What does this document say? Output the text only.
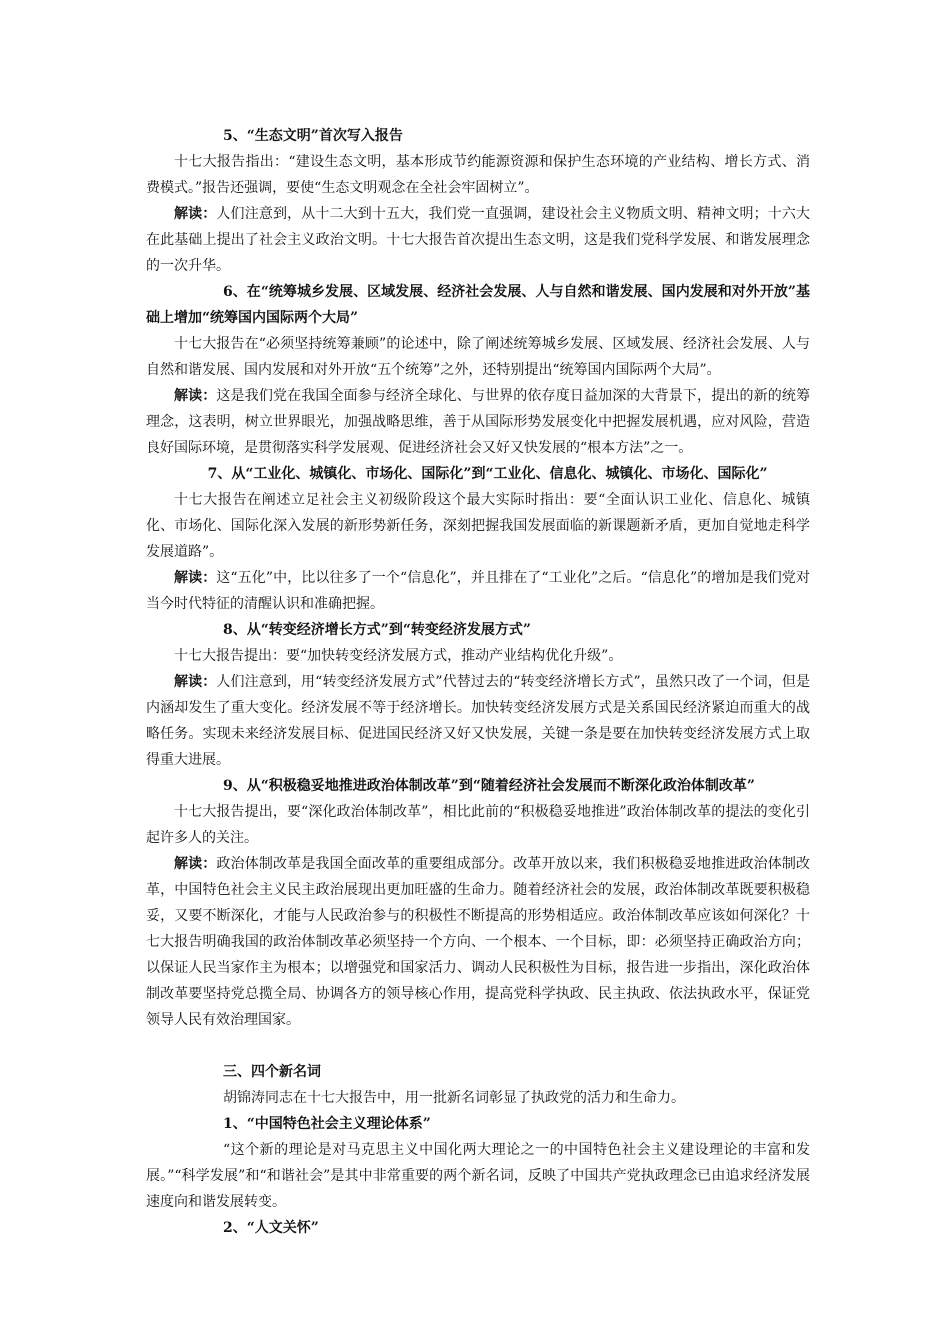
5、“生态文明”首次写入报告

十七大报告指出：“建设生态文明，基本形成节约能源资源和保护生态环境的产业结构、增长方式、消费模式。”报告还强调，要使“生态文明观念在全社会牢固树立”。

解读：人们注意到，从十二大到十五大，我们党一直强调，建设社会主义物质文明、精神文明；十六大在此基础上提出了社会主义政治文明。十七大报告首次提出生态文明，这是我们党科学发展、和谐发展理念的一次升华。

6、在“统筹城乡发展、区域发展、经济社会发展、人与自然和谐发展、国内发展和对外开放”基础上增加“统筹国内国际两个大局”

十七大报告在“必须坚持统筹兼顾”的论述中，除了阐述统筹城乡发展、区域发展、经济社会发展、人与自然和谐发展、国内发展和对外开放“五个统筹”之外，还特别提出“统筹国内国际两个大局”。

解读：这是我们党在我国全面参与经济全球化、与世界的依存度日益加深的大背景下，提出的新的统筹理念，这表明，树立世界眼光，加强战略思维，善于从国际形势发展变化中把握发展机遇，应对风险，营造良好国际环境，是贯彻落实科学发展观、促进经济社会又好又快发展的“根本方法”之一。

7、从“工业化、城镇化、市场化、国际化”到“工业化、信息化、城镇化、市场化、国际化”

十七大报告在阐述立足社会主义初级阶段这个最大实际时指出：要“全面认识工业化、信息化、城镇化、市场化、国际化深入发展的新形势新任务，深刻把握我国发展面临的新课题新矛盾，更加自觉地走科学发展道路”。

解读：这“五化”中，比以往多了一个“信息化”，并且排在了“工业化”之后。“信息化”的增加是我们党对当今时代特征的清醒认识和准确把握。

8、从“转变经济增长方式”到“转变经济发展方式”

十七大报告提出：要“加快转变经济发展方式，推动产业结构优化升级”。

解读：人们注意到，用“转变经济发展方式”代替过去的“转变经济增长方式”，虽然只改了一个词，但是内涵却发生了重大变化。经济发展不等于经济增长。加快转变经济发展方式是关系国民经济紧迫而重大的战略任务。实现未来经济发展目标、促进国民经济又好又快发展，关键一条是要在加快转变经济发展方式上取得重大进展。

9、从“积极稳妥地推进政治体制改革”到“随着经济社会发展而不断深化政治体制改革”

十七大报告提出，要“深化政治体制改革”，相比此前的“积极稳妥地推进”政治体制改革的提法的变化引起许多人的关注。

解读：政治体制改革是我国全面改革的重要组成部分。改革开放以来，我们积极稳妥地推进政治体制改革，中国特色社会主义民主政治展现出更加旺盛的生命力。随着经济社会的发展，政治体制改革既要积极稳妥，又要不断深化，才能与人民政治参与的积极性不断提高的形势相适应。政治体制改革应该如何深化？十七大报告明确我国的政治体制改革必须坚持一个方向、一个根本、一个目标，即：必须坚持正确政治方向；以保证人民当家作主为根本；以增强党和国家活力、调动人民积极性为目标，报告进一步指出，深化政治体制改革要坚持党总揽全局、协调各方的领导核心作用，提高党科学执政、民主执政、依法执政水平，保证党领导人民有效治理国家。

三、四个新名词

胡锦涛同志在十七大报告中，用一批新名词彰显了执政党的活力和生命力。

1、“中国特色社会主义理论体系”

“这个新的理论是对马克思主义中国化两大理论之一的中国特色社会主义建设理论的丰富和发展。”“科学发展”和“和谐社会”是其中非常重要的两个新名词，反映了中国共产党执政理念已由追求经济发展速度向和谐发展转变。

2、“人文关怀”
